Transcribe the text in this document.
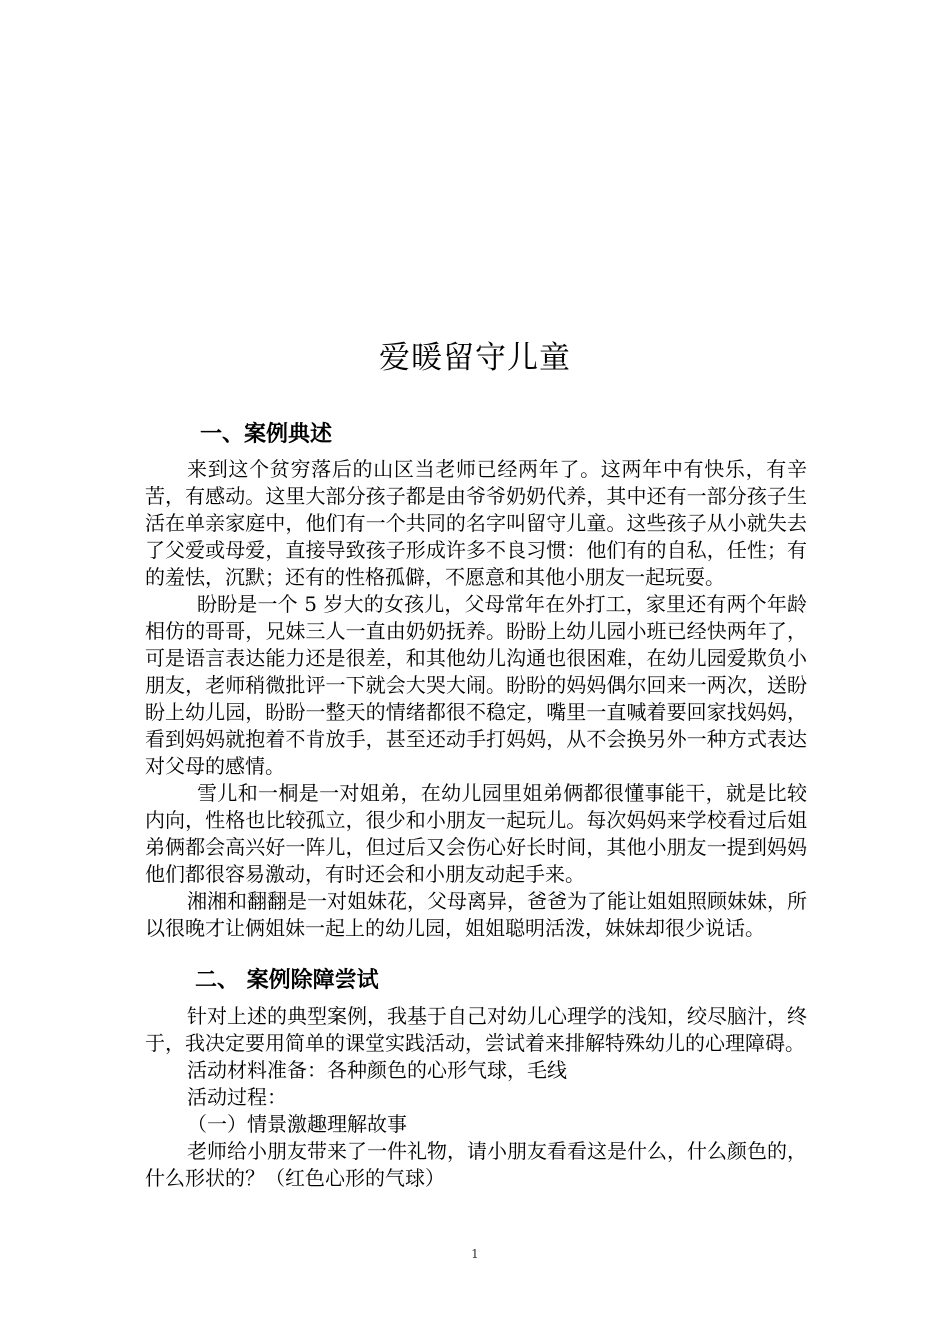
爱暖留守儿童
一、案例典述

来到这个贫穷落后的山区当老师已经两年了。这两年中有快乐，有辛苦，有感动。这里大部分孩子都是由爷爷奶奶代养，其中还有一部分孩子生活在单亲家庭中，他们有一个共同的名字叫留守儿童。这些孩子从小就失去了父爱或母爱，直接导致孩子形成许多不良习惯：他们有的自私，任性；有的羞怯，沉默；还有的性格孤僻，不愿意和其他小朋友一起玩耍。

盼盼是一个 5 岁大的女孩儿，父母常年在外打工，家里还有两个年龄相仿的哥哥，兄妹三人一直由奶奶抚养。盼盼上幼儿园小班已经快两年了，可是语言表达能力还是很差，和其他幼儿沟通也很困难，在幼儿园爱欺负小朋友，老师稍微批评一下就会大哭大闹。盼盼的妈妈偶尔回来一两次，送盼盼上幼儿园，盼盼一整天的情绪都很不稳定，嘴里一直喊着要回家找妈妈，看到妈妈就抱着不肯放手，甚至还动手打妈妈，从不会换另外一种方式表达对父母的感情。

雪儿和一桐是一对姐弟，在幼儿园里姐弟俩都很懂事能干，就是比较内向，性格也比较孤立，很少和小朋友一起玩儿。每次妈妈来学校看过后姐弟俩都会高兴好一阵儿，但过后又会伤心好长时间，其他小朋友一提到妈妈他们都很容易激动，有时还会和小朋友动起手来。

湘湘和翻翻是一对姐妹花，父母离异，爸爸为了能让姐姐照顾妹妹，所以很晚才让俩姐妹一起上的幼儿园，姐姐聪明活泼，妹妹却很少说话。

二、 案例除障尝试

针对上述的典型案例，我基于自己对幼儿心理学的浅知，绞尽脑汁，终于，我决定要用简单的课堂实践活动，尝试着来排解特殊幼儿的心理障碍。

活动材料准备：各种颜色的心形气球，毛线

活动过程：

（一）情景激趣理解故事

老师给小朋友带来了一件礼物，请小朋友看看这是什么，什么颜色的，什么形状的？（红色心形的气球）

1
